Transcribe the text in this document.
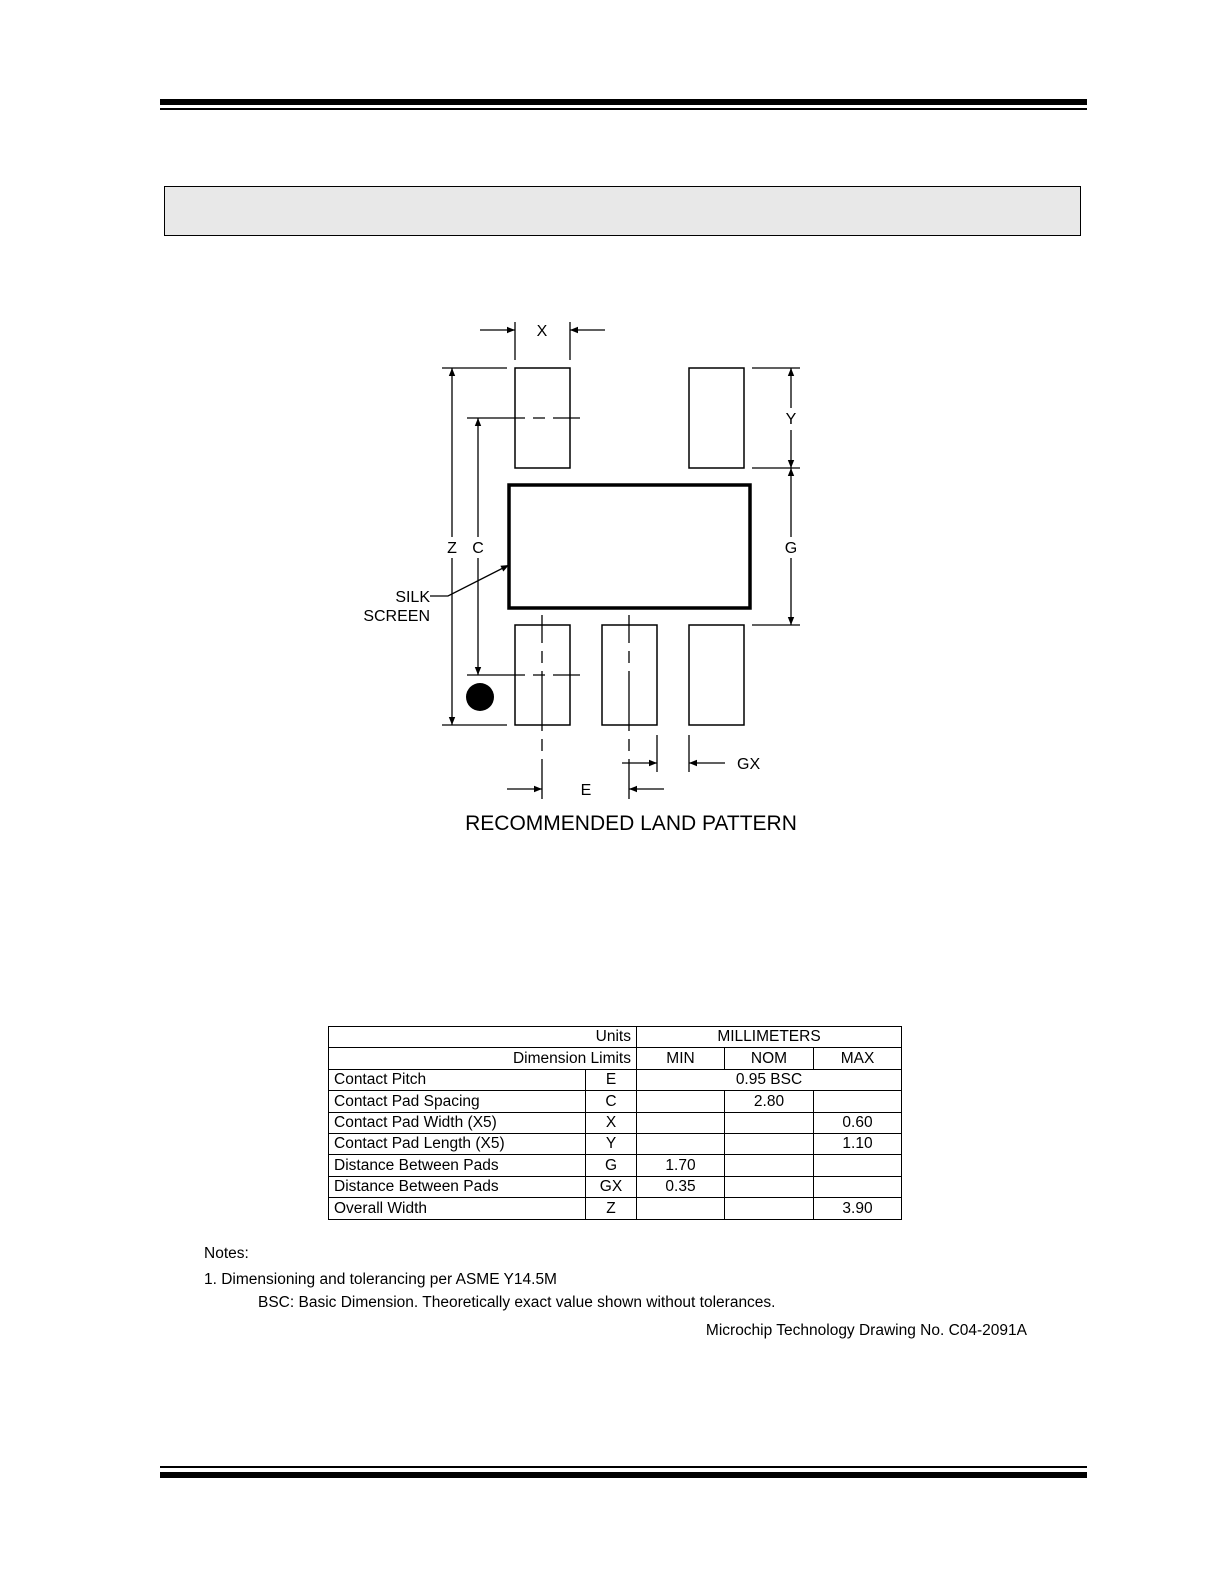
X
Y
Z C	G
GX
E
SILK
SCREEN
RECOMMENDED LAND PATTERN
Units		MILLIMETERS		
Dimension Limits		MIN	NOM	MAX
Contact Pitch	E	0.95 BSC		
Contact Pad Spacing	C		2.80	
Contact Pad Width (X5)	X			0.60
Contact Pad Length (X5)	Y			1.10
Distance Between Pads	G	1.70		
Distance Between Pads	GX	0.35		
Overall Width	Z			3.90
Notes:
1. Dimensioning and tolerancing per ASME Y14.5M
BSC: Basic Dimension. Theoretically exact value shown without tolerances.
Microchip Technology Drawing No. C04-2091A
